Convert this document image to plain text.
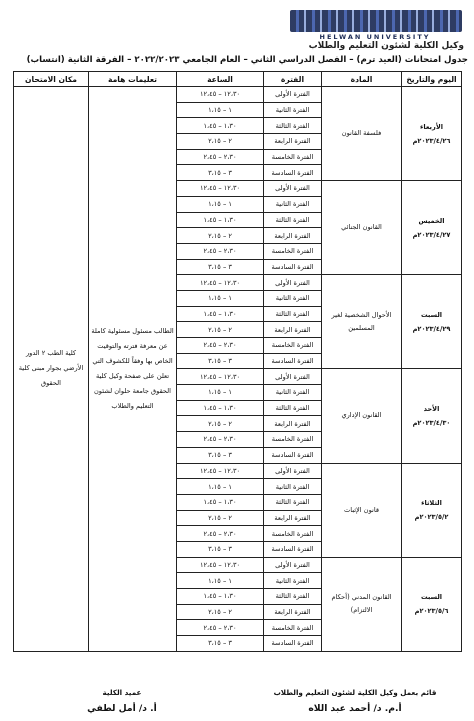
HELWAN UNIVERSITY
وكيل الكلية لشئون التعليم والطلاب
جدول امتحانات (العيد ترم) – الفصل الدراسي الثاني – العام الجامعي ٢٠٢٢/٢٠٢٣ – الفرقة الثانية (انتساب)
اليوم والتاريخ	المادة	الفترة	الساعة	تعليمات هامة	مكان الامتحان

الأربعاء
٢٠٢٣/٤/٢٦م	فلسفة القانون	الفترة الأولى	١٢،٣٠ – ١٢،٤٥	الطالب مسئول مسئولية كاملة عن معرفة فترته والتوقيت الخاص بها وفقاً للكشوف التي تعلن على صفحة وكيل كلية الحقوق جامعة حلوان لشئون التعليم والطلاب	كلية الطب ٢ الدور الأرضي بجوار مبنى كلية الحقوق
		الفترة الثانية	١ – ١،١٥		
		الفترة الثالثة	١،٣٠ – ١،٤٥		
		الفترة الرابعة	٢ – ٢،١٥		
		الفترة الخامسة	٢،٣٠ – ٢،٤٥		
		الفترة السادسة	٣ – ٣،١٥		

الخميس
٢٠٢٣/٤/٢٧م	القانون الجنائي	الفترة الأولى	١٢،٣٠ – ١٢،٤٥		
		الفترة الثانية	١ – ١،١٥		
		الفترة الثالثة	١،٣٠ – ١،٤٥		
		الفترة الرابعة	٢ – ٢،١٥		
		الفترة الخامسة	٢،٣٠ – ٢،٤٥		
		الفترة السادسة	٣ – ٣،١٥		

السبت
٢٠٢٣/٤/٢٩م	الأحوال الشخصية لغير المسلمين	الفترة الأولى	١٢،٣٠ – ١٢،٤٥		
		الفترة الثانية	١ – ١،١٥		
		الفترة الثالثة	١،٣٠ – ١،٤٥		
		الفترة الرابعة	٢ – ٢،١٥		
		الفترة الخامسة	٢،٣٠ – ٢،٤٥		
		الفترة السادسة	٣ – ٣،١٥		

الأحد
٢٠٢٣/٤/٣٠م	القانون الإداري	الفترة الأولى	١٢،٣٠ – ١٢،٤٥		
		الفترة الثانية	١ – ١،١٥		
		الفترة الثالثة	١،٣٠ – ١،٤٥		
		الفترة الرابعة	٢ – ٢،١٥		
		الفترة الخامسة	٢،٣٠ – ٢،٤٥		
		الفترة السادسة	٣ – ٣،١٥		

الثلاثاء
٢٠٢٣/٥/٢م	قانون الإثبات	الفترة الأولى	١٢،٣٠ – ١٢،٤٥		
		الفترة الثانية	١ – ١،١٥		
		الفترة الثالثة	١،٣٠ – ١،٤٥		
		الفترة الرابعة	٢ – ٢،١٥		
		الفترة الخامسة	٢،٣٠ – ٢،٤٥		
		الفترة السادسة	٣ – ٣،١٥		

السبت
٢٠٢٣/٥/٦م	القانون المدني (أحكام الالتزام)	الفترة الأولى	١٢،٣٠ – ١٢،٤٥		
		الفترة الثانية	١ – ١،١٥		
		الفترة الثالثة	١،٣٠ – ١،٤٥		
		الفترة الرابعة	٢ – ٢،١٥		
		الفترة الخامسة	٢،٣٠ – ٢،٤٥		
		الفترة السادسة	٣ – ٣،١٥		
قائم بعمل وكيل الكلية لشئون التعليم والطلاب
أ.م. د/ أحمد عبد اللاه
عميد الكلية
أ. د/ أمل لطفي
